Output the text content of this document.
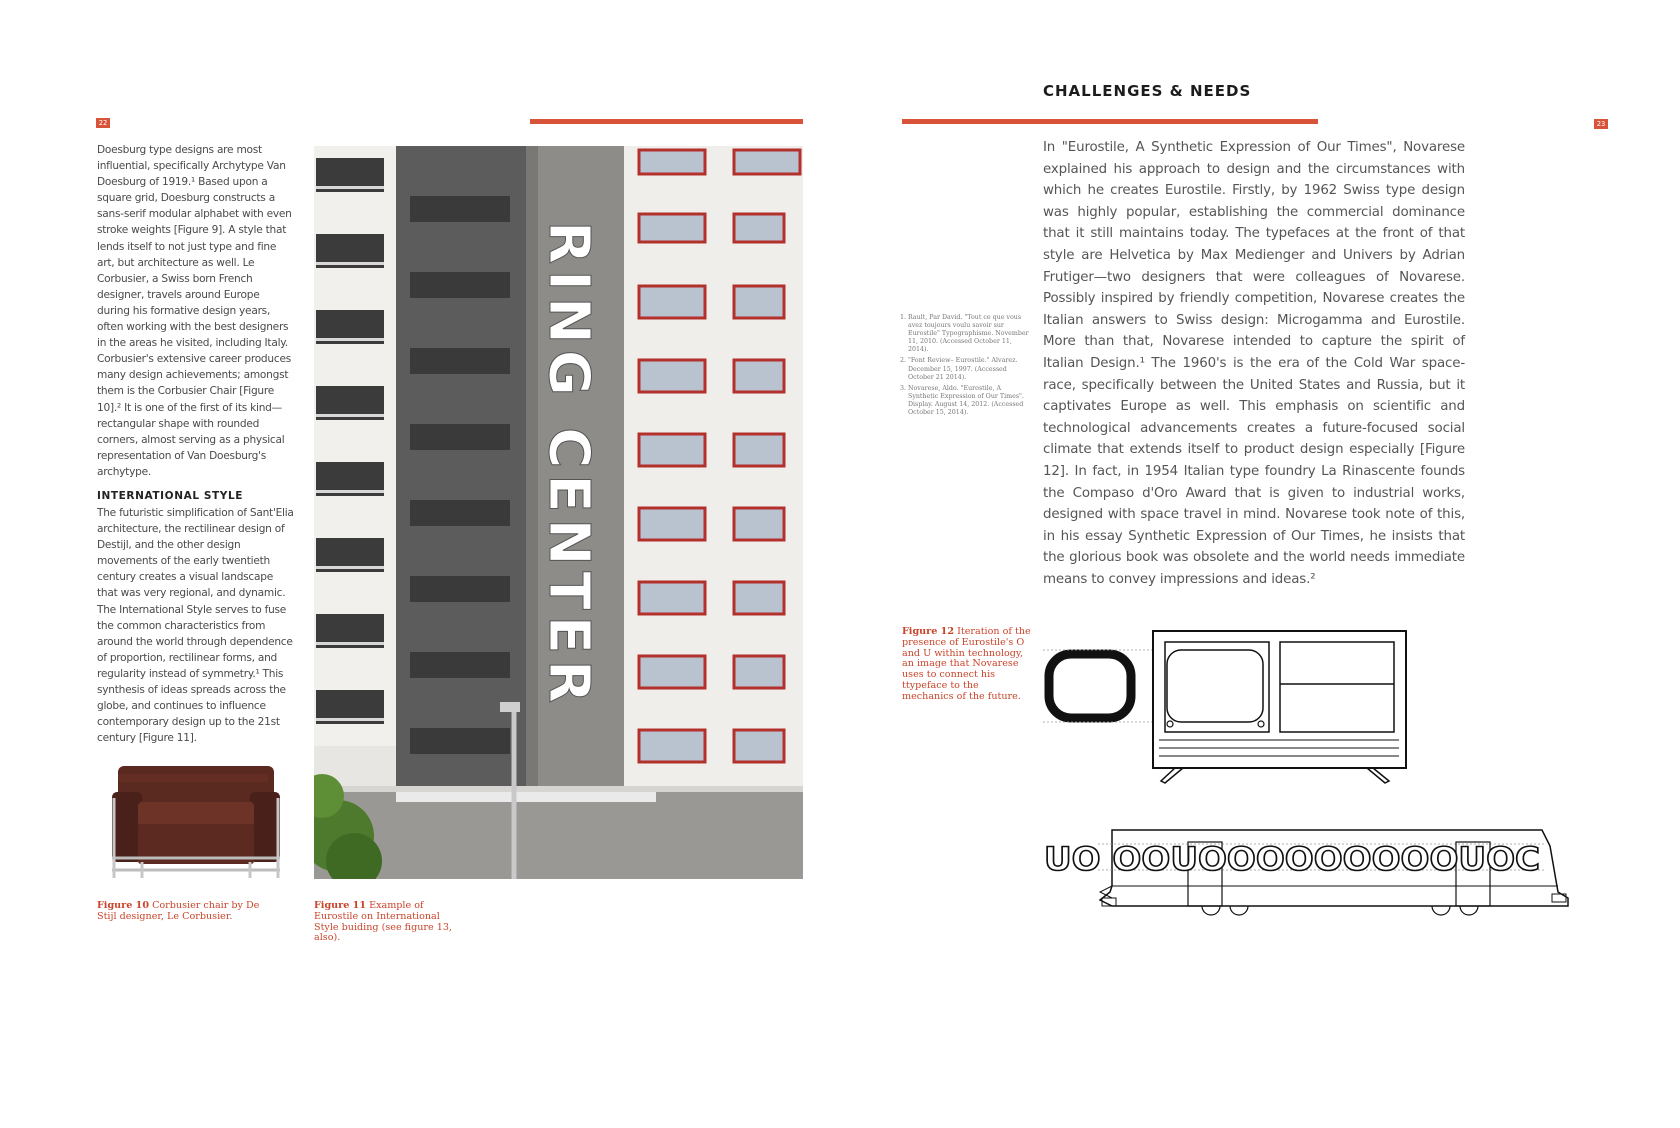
22

Doesburg type designs are most influential, specifically Archytype Van Doesburg of 1919.¹ Based upon a square grid, Doesburg constructs a sans-serif modular alphabet with even stroke weights [Figure 9]. A style that lends itself to not just type and fine art, but architecture as well. Le Corbusier, a Swiss born French designer, travels around Europe during his formative design years, often working with the best designers in the areas he visited, including Italy. Corbusier's extensive career produces many design achievements; amongst them is the Corbusier Chair [Figure 10].² It is one of the first of its kind—rectangular shape with rounded corners, almost serving as a physical representation of Van Doesburg's archytype.

INTERNATIONAL STYLE

The futuristic simplification of Sant'Elia architecture, the rectilinear design of Destijl, and the other design movements of the early twentieth century creates a visual landscape that was very regional, and dynamic. The International Style serves to fuse the common characteristics from around the world through dependence of proportion, rectilinear forms, and regularity instead of symmetry.¹ This synthesis of ideas spreads across the globe, and continues to influence contemporary design up to the 21st century [Figure 11].

RING CENTER
Figure 10 Corbusier chair by De Stijl designer, Le Corbusier.
Figure 11 Example of Eurostile on International Style buiding (see figure 13, also).
CHALLENGES & NEEDS
23
1. Rault, Par David. "Tout ce que vous avez toujours voulu savoir sur Eurostile" Typographisme. November 11, 2010. (Accessed October 11, 2014).
2. "Font Review– Eurostile." Alvarez. December 15, 1997. (Accessed October 21 2014).
3. Novarese, Aldo. "Eurostile, A Synthetic Expression of Our Times". Display. August 14, 2012. (Accessed October 15, 2014).

In "Eurostile, A Synthetic Expression of Our Times", Novarese explained his approach to design and the circumstances with which he creates Eurostile. Firstly, by 1962 Swiss type design was highly popular, establishing the commercial dominance that it still maintains today. The typefaces at the front of that style are Helvetica by Max Medienger and Univers by Adrian Frutiger—two designers that were colleagues of Novarese. Possibly inspired by friendly competition, Novarese creates the Italian answers to Swiss design: Microgamma and Eurostile. More than that, Novarese intended to capture the spirit of Italian Design.¹ The 1960's is the era of the Cold War space-race, specifically between the United States and Russia, but it captivates Europe as well. This emphasis on scientific and technological advancements creates a future-focused social climate that extends itself to product design especially [Figure 12]. In fact, in 1954 Italian type foundry La Rinascente founds the Compaso d'Oro Award that is given to industrial works, designed with space travel in mind. Novarese took note of this, in his essay Synthetic Expression of Our Times, he insists that the glorious book was obsolete and the world needs immediate means to convey impressions and ideas.²

Figure 12 Iteration of the presence of Eurostile's O and U within technology, an image that Novarese uses to connect his ttypeface to the mechanics of the future.
UO OOUOOOOOOOOOUOC
